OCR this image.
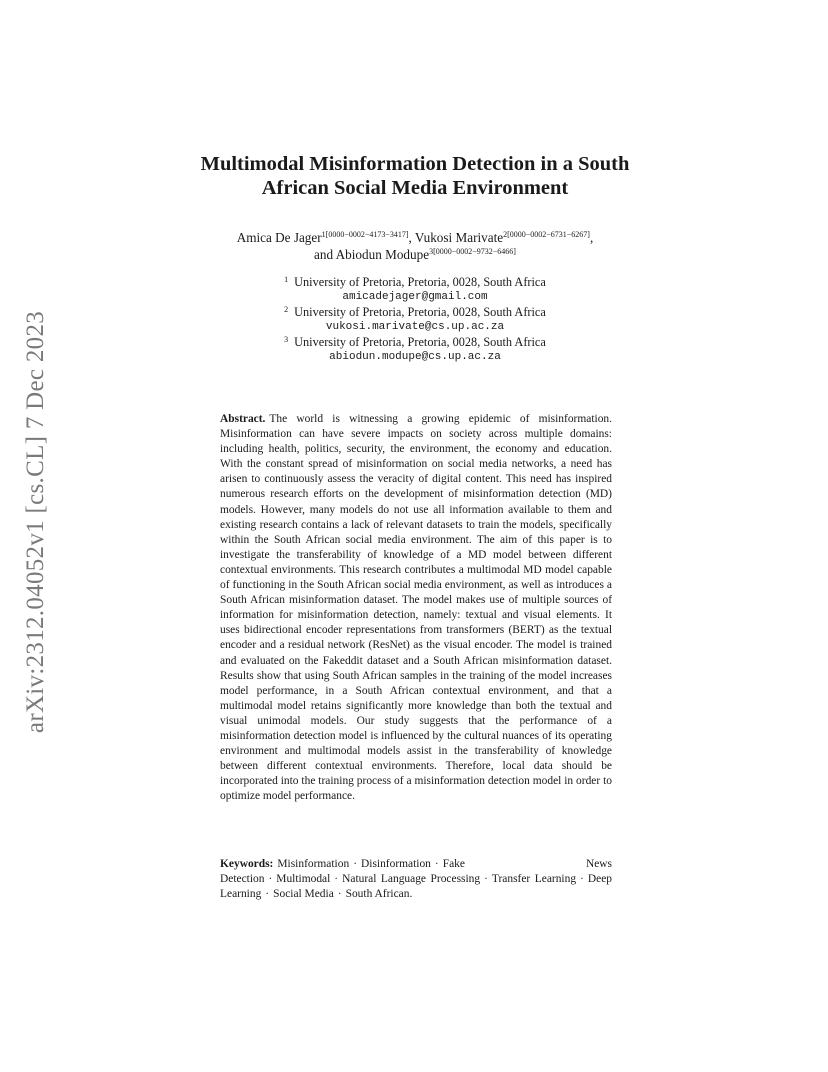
arXiv:2312.04052v1 [cs.CL] 7 Dec 2023
Multimodal Misinformation Detection in a South
African Social Media Environment
Amica De Jager$^{1[0000-0002-4173-3417]}$, Vukosi Marivate$^{2[0000-0002-6731-6267]}$,
and Abiodun Modupe$^{3[0000-0002-9732-6466]}$
$^1$ University of Pretoria, Pretoria, 0028, South Africa
amicadejager@gmail.com
$^2$ University of Pretoria, Pretoria, 0028, South Africa
vukosi.marivate@cs.up.ac.za
$^3$ University of Pretoria, Pretoria, 0028, South Africa
abiodun.modupe@cs.up.ac.za
Abstract. The world is witnessing a growing epidemic of misinformation. Misinformation can have severe impacts on society across multiple domains: including health, politics, security, the environment, the economy and education. With the constant spread of misinformation on social media networks, a need has arisen to continuously assess the veracity of digital content. This need has inspired numerous research efforts on the development of misinformation detection (MD) models. However, many models do not use all information available to them and existing research contains a lack of relevant datasets to train the models, specifically within the South African social media environment. The aim of this paper is to investigate the transferability of knowledge of a MD model between different contextual environments. This research contributes a multimodal MD model capable of functioning in the South African social media environment, as well as introduces a South African misinformation dataset. The model makes use of multiple sources of information for misinformation detection, namely: textual and visual elements. It uses bidirectional encoder representations from transformers (BERT) as the textual encoder and a residual network (ResNet) as the visual encoder. The model is trained and evaluated on the Fakeddit dataset and a South African misinformation dataset. Results show that using South African samples in the training of the model increases model performance, in a South African contextual environment, and that a multimodal model retains significantly more knowledge than both the textual and visual unimodal models. Our study suggests that the performance of a misinformation detection model is influenced by the cultural nuances of its operating environment and multimodal models assist in the transferability of knowledge between different contextual environments. Therefore, local data should be incorporated into the training process of a misinformation detection model in order to optimize model performance.
Keywords: Misinformation · Disinformation · Fake News Detection · Multimodal · Natural Language Processing · Transfer Learning · Deep Learning · Social Media · South African.
